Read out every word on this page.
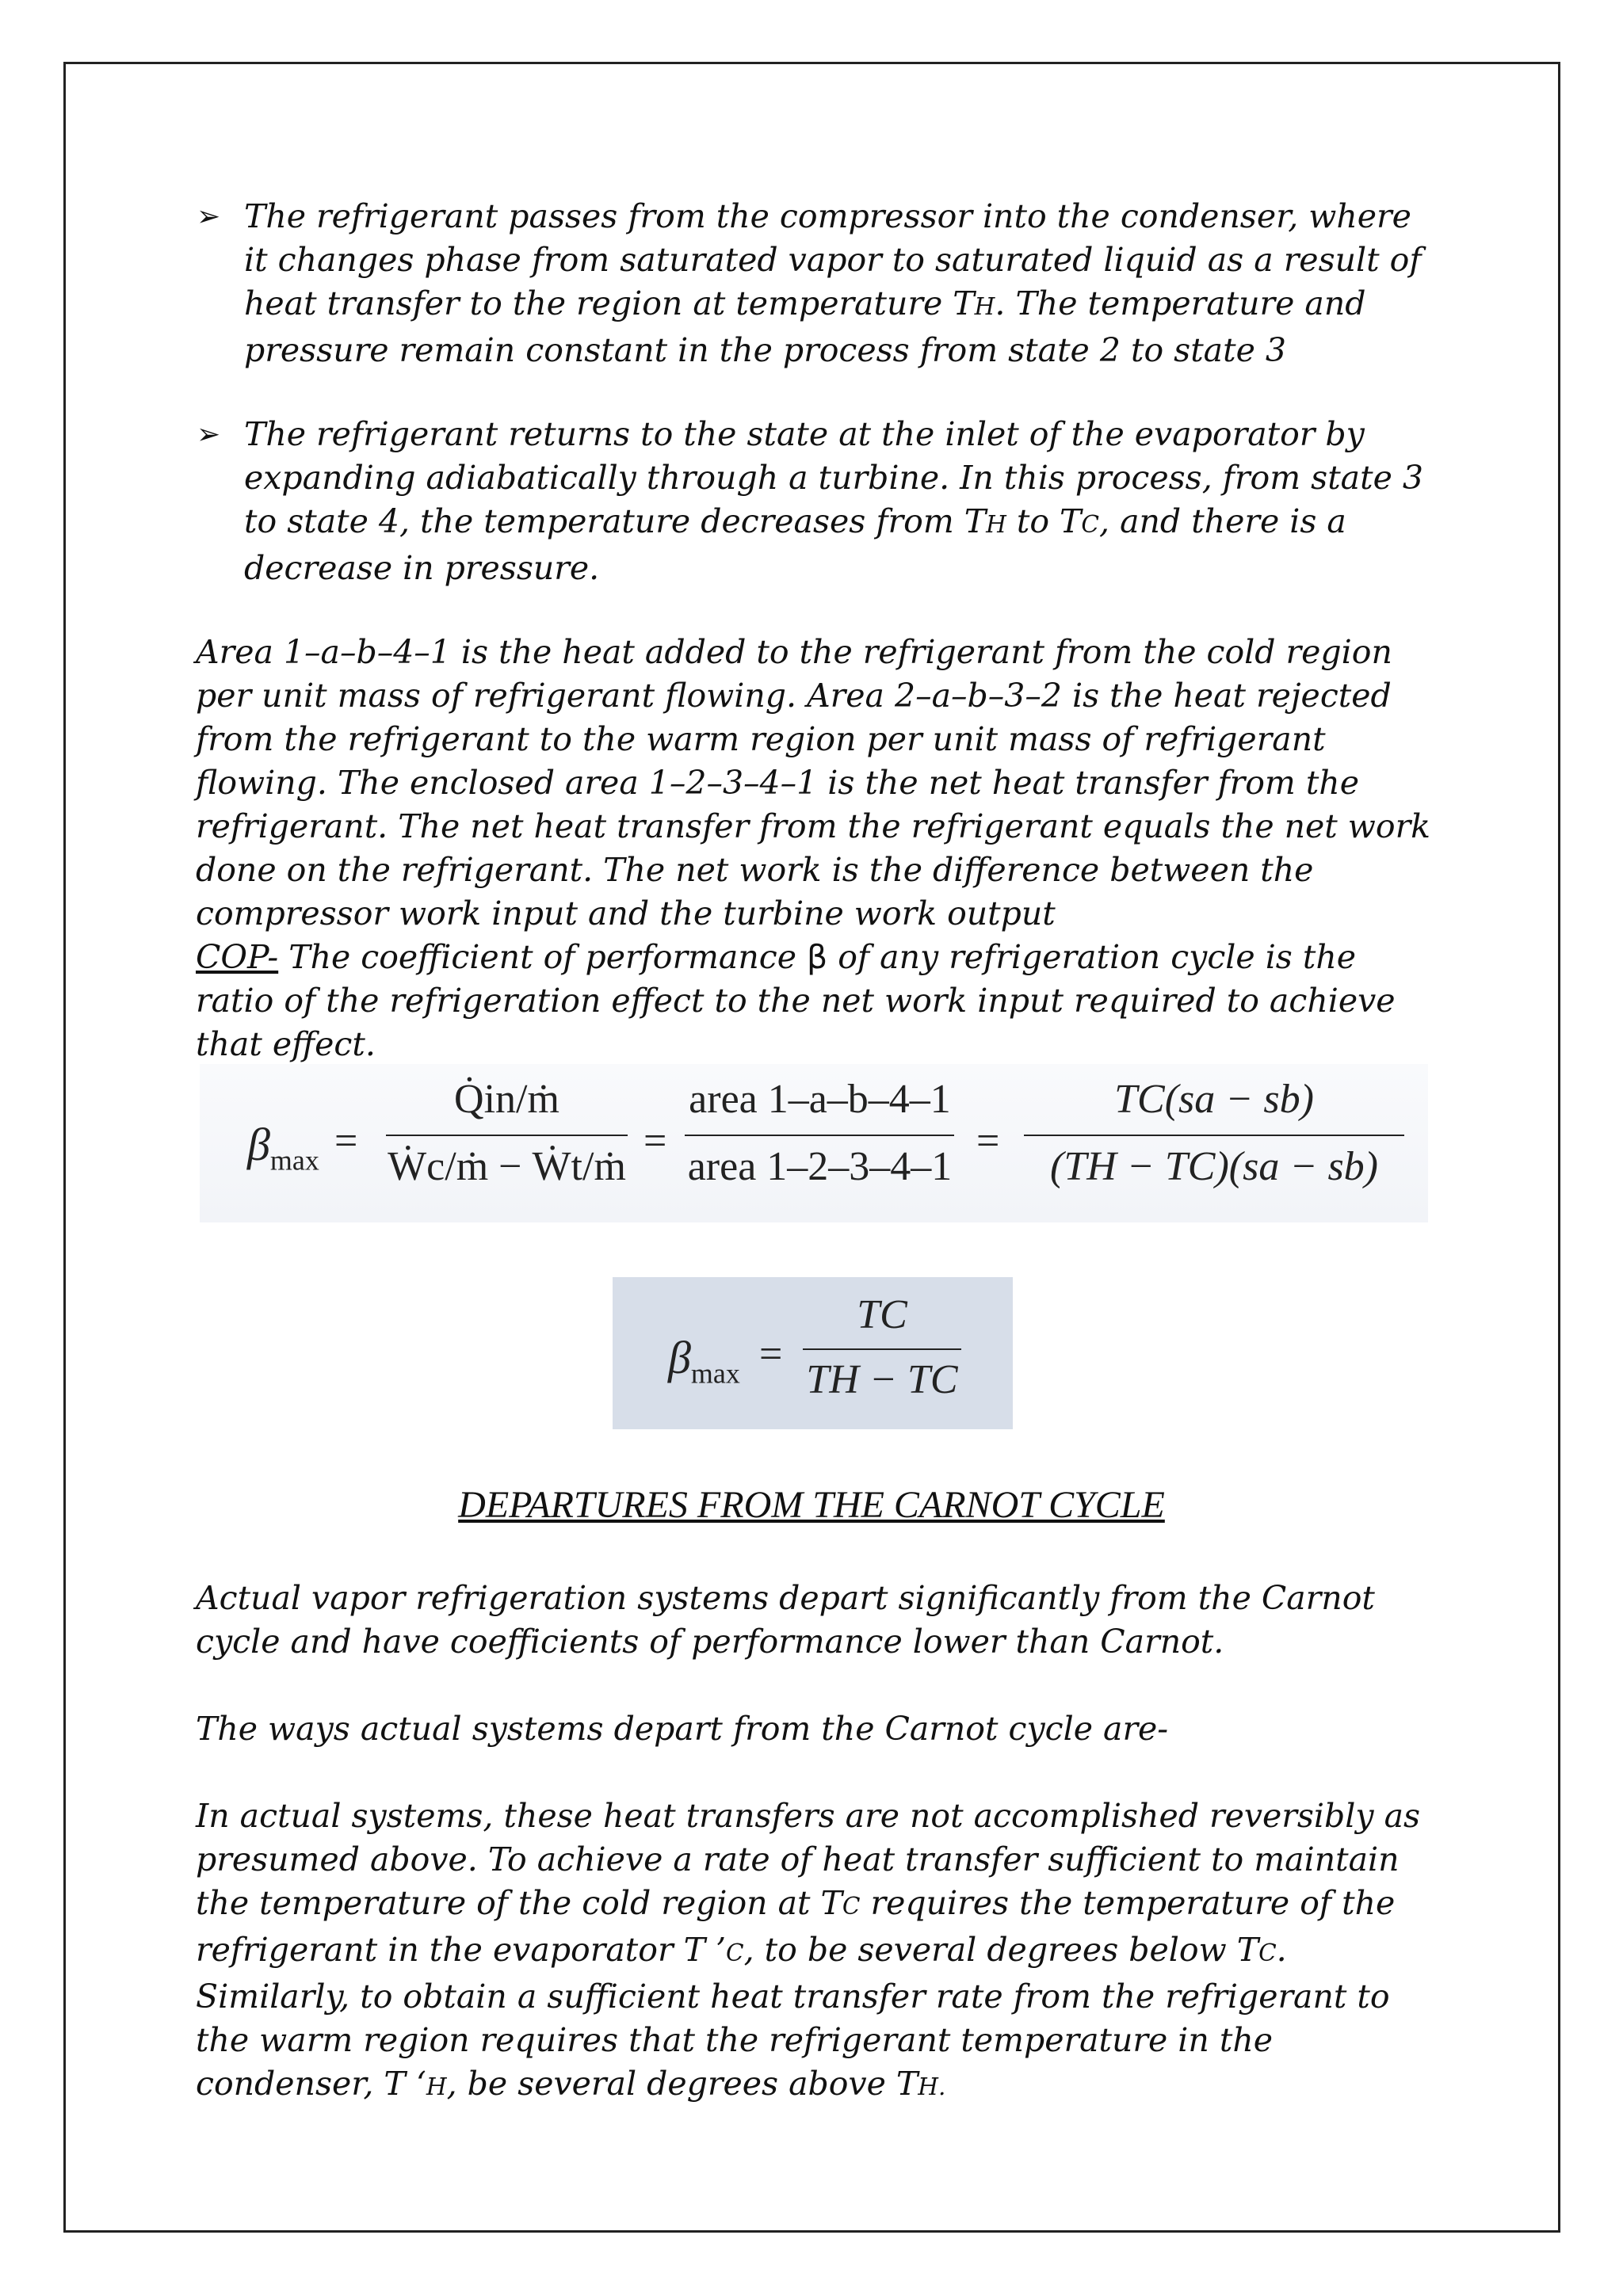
➢ The refrigerant passes from the compressor into the condenser, where it changes phase from saturated vapor to saturated liquid as a result of heat transfer to the region at temperature TH. The temperature and pressure remain constant in the process from state 2 to state 3
➢ The refrigerant returns to the state at the inlet of the evaporator by expanding adiabatically through a turbine. In this process, from state 3 to state 4, the temperature decreases from TH to TC, and there is a decrease in pressure.
Area 1–a–b–4–1 is the heat added to the refrigerant from the cold region per unit mass of refrigerant flowing. Area 2–a–b–3–2 is the heat rejected from the refrigerant to the warm region per unit mass of refrigerant flowing. The enclosed area 1–2–3–4–1 is the net heat transfer from the refrigerant. The net heat transfer from the refrigerant equals the net work done on the refrigerant. The net work is the difference between the compressor work input and the turbine work output
COP- The coefficient of performance β of any refrigeration cycle is the ratio of the refrigeration effect to the net work input required to achieve that effect.
$\beta_{max}$ =
Q̇in/ṁ
Ẇc/ṁ − Ẇt/ṁ
=
area 1–a–b–4–1
area 1–2–3–4–1
=
TC(sa − sb)
(TH − TC)(sa − sb)
$\beta_{max}$ =
TC
TH − TC
DEPARTURES FROM THE CARNOT CYCLE
Actual vapor refrigeration systems depart significantly from the Carnot cycle and have coefficients of performance lower than Carnot.
The ways actual systems depart from the Carnot cycle are-
In actual systems, these heat transfers are not accomplished reversibly as presumed above. To achieve a rate of heat transfer sufficient to maintain the temperature of the cold region at TC requires the temperature of the refrigerant in the evaporator T ’C, to be several degrees below TC. Similarly, to obtain a sufficient heat transfer rate from the refrigerant to the warm region requires that the refrigerant temperature in the condenser, T ‘H, be several degrees above TH.
